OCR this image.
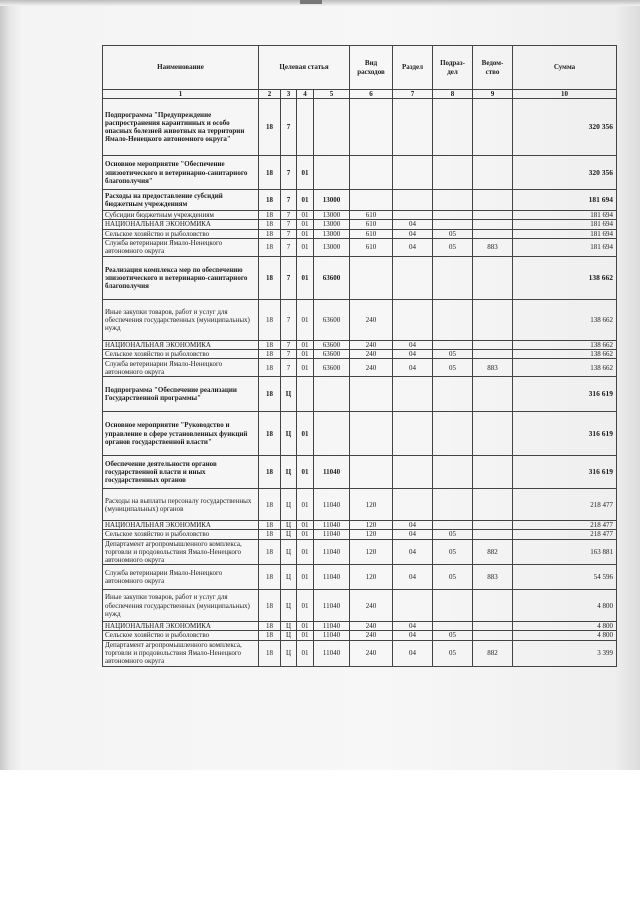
Наименование	Целевая статья				Вид расходов	Раздел	Подраз-дел	Ведом-ство	Сумма
1	2	3	4	5	6	7	8	9	10
Подпрограмма "Предупреждение распространения карантинных и особо опасных болезней животных на территории Ямало-Ненецкого автономного округа"	18	7							320 356
Основное мероприятие "Обеспечение эпизоотического и ветеринарно-санитарного благополучия"	18	7	01						320 356
Расходы на предоставление субсидий бюджетным учреждениям	18	7	01	13000					181 694
Субсидии бюджетным учреждениям	18	7	01	13000	610				181 694
НАЦИОНАЛЬНАЯ ЭКОНОМИКА	18	7	01	13000	610	04			181 694
Сельское хозяйство и рыболовство	18	7	01	13000	610	04	05		181 694
Служба ветеринарии Ямало-Ненецкого автономного округа	18	7	01	13000	610	04	05	883	181 694
Реализация комплекса мер по обеспечению эпизоотического и ветеринарно-санитарного благополучия	18	7	01	63600					138 662
Иные закупки товаров, работ и услуг для обеспечения государственных (муниципальных) нужд	18	7	01	63600	240				138 662
НАЦИОНАЛЬНАЯ ЭКОНОМИКА	18	7	01	63600	240	04			138 662
Сельское хозяйство и рыболовство	18	7	01	63600	240	04	05		138 662
Служба ветеринарии Ямало-Ненецкого автономного округа	18	7	01	63600	240	04	05	883	138 662
Подпрограмма "Обеспечение реализации Государственной программы"	18	Ц							316 619
Основное мероприятие "Руководство и управление в сфере установленных функций органов государственной власти"	18	Ц	01						316 619
Обеспечение деятельности органов государственной власти и иных государственных органов	18	Ц	01	11040					316 619
Расходы на выплаты персоналу государственных (муниципальных) органов	18	Ц	01	11040	120				218 477
НАЦИОНАЛЬНАЯ ЭКОНОМИКА	18	Ц	01	11040	120	04			218 477
Сельское хозяйство и рыболовство	18	Ц	01	11040	120	04	05		218 477
Департамент агропромышленного комплекса, торговли и продовольствия Ямало-Ненецкого автономного округа	18	Ц	01	11040	120	04	05	882	163 881
Служба ветеринарии Ямало-Ненецкого автономного округа	18	Ц	01	11040	120	04	05	883	54 596
Иные закупки товаров, работ и услуг для обеспечения государственных (муниципальных) нужд	18	Ц	01	11040	240				4 800
НАЦИОНАЛЬНАЯ ЭКОНОМИКА	18	Ц	01	11040	240	04			4 800
Сельское хозяйство и рыболовство	18	Ц	01	11040	240	04	05		4 800
Департамент агропромышленного комплекса, торговли и продовольствия Ямало-Ненецкого автономного округа	18	Ц	01	11040	240	04	05	882	3 399
